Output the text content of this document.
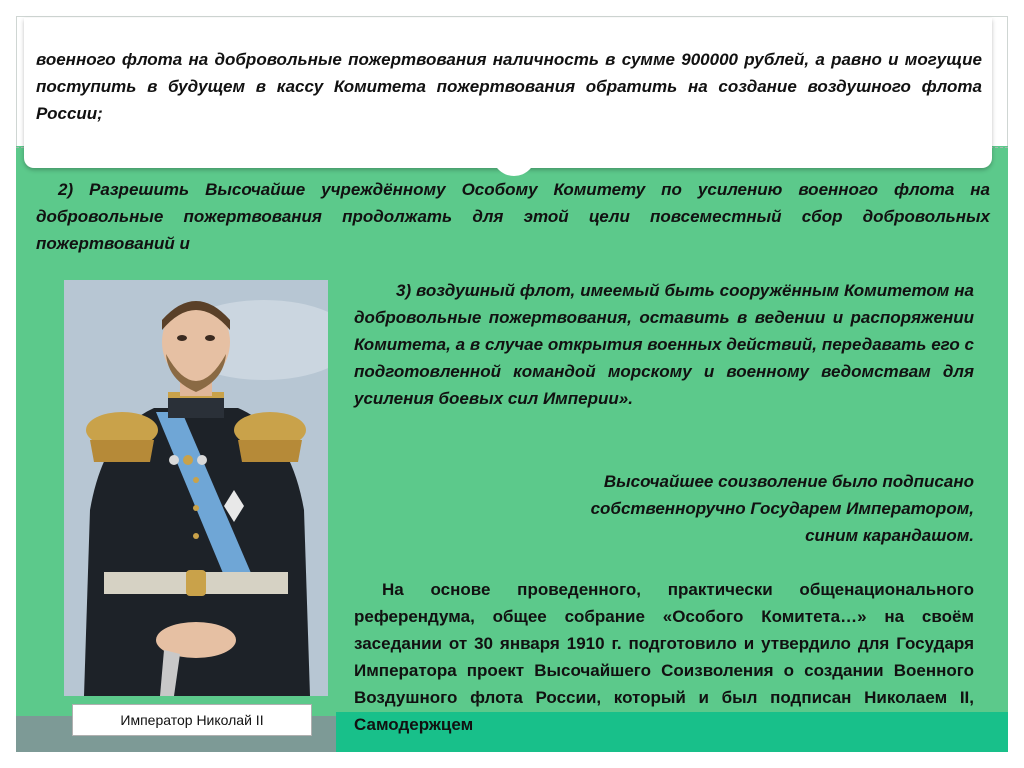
военного флота на добровольные пожертвования наличность в сумме 900000 рублей, а равно и могущие поступить в будущем в кассу Комитета пожертвования обратить на создание воздушного флота России;

2) Разрешить Высочайше учреждённому Особому Комитету по усилению военного флота на добровольные пожертвования продолжать для этой цели повсеместный сбор добровольных пожертвований и

Император Николай II

3) воздушный флот, имеемый быть сооружённым Комитетом на добровольные пожертвования, оставить в ведении и распоряжении Комитета, а в случае открытия военных действий, передавать его с подготовленной командой морскому и военному ведомствам для усиления боевых сил Империи».

Высочайшее соизволение было подписано
собственноручно Государем Императором,
синим карандашом.

На основе проведенного, практически общенационального референдума, общее собрание «Особого Комитета…» на своём заседании от 30 января 1910 г. подготовило и утвердило для Государя Императора проект Высочайшего Соизволения о создании Военного Воздушного флота России, который и был подписан Николаем II, Самодержцем
